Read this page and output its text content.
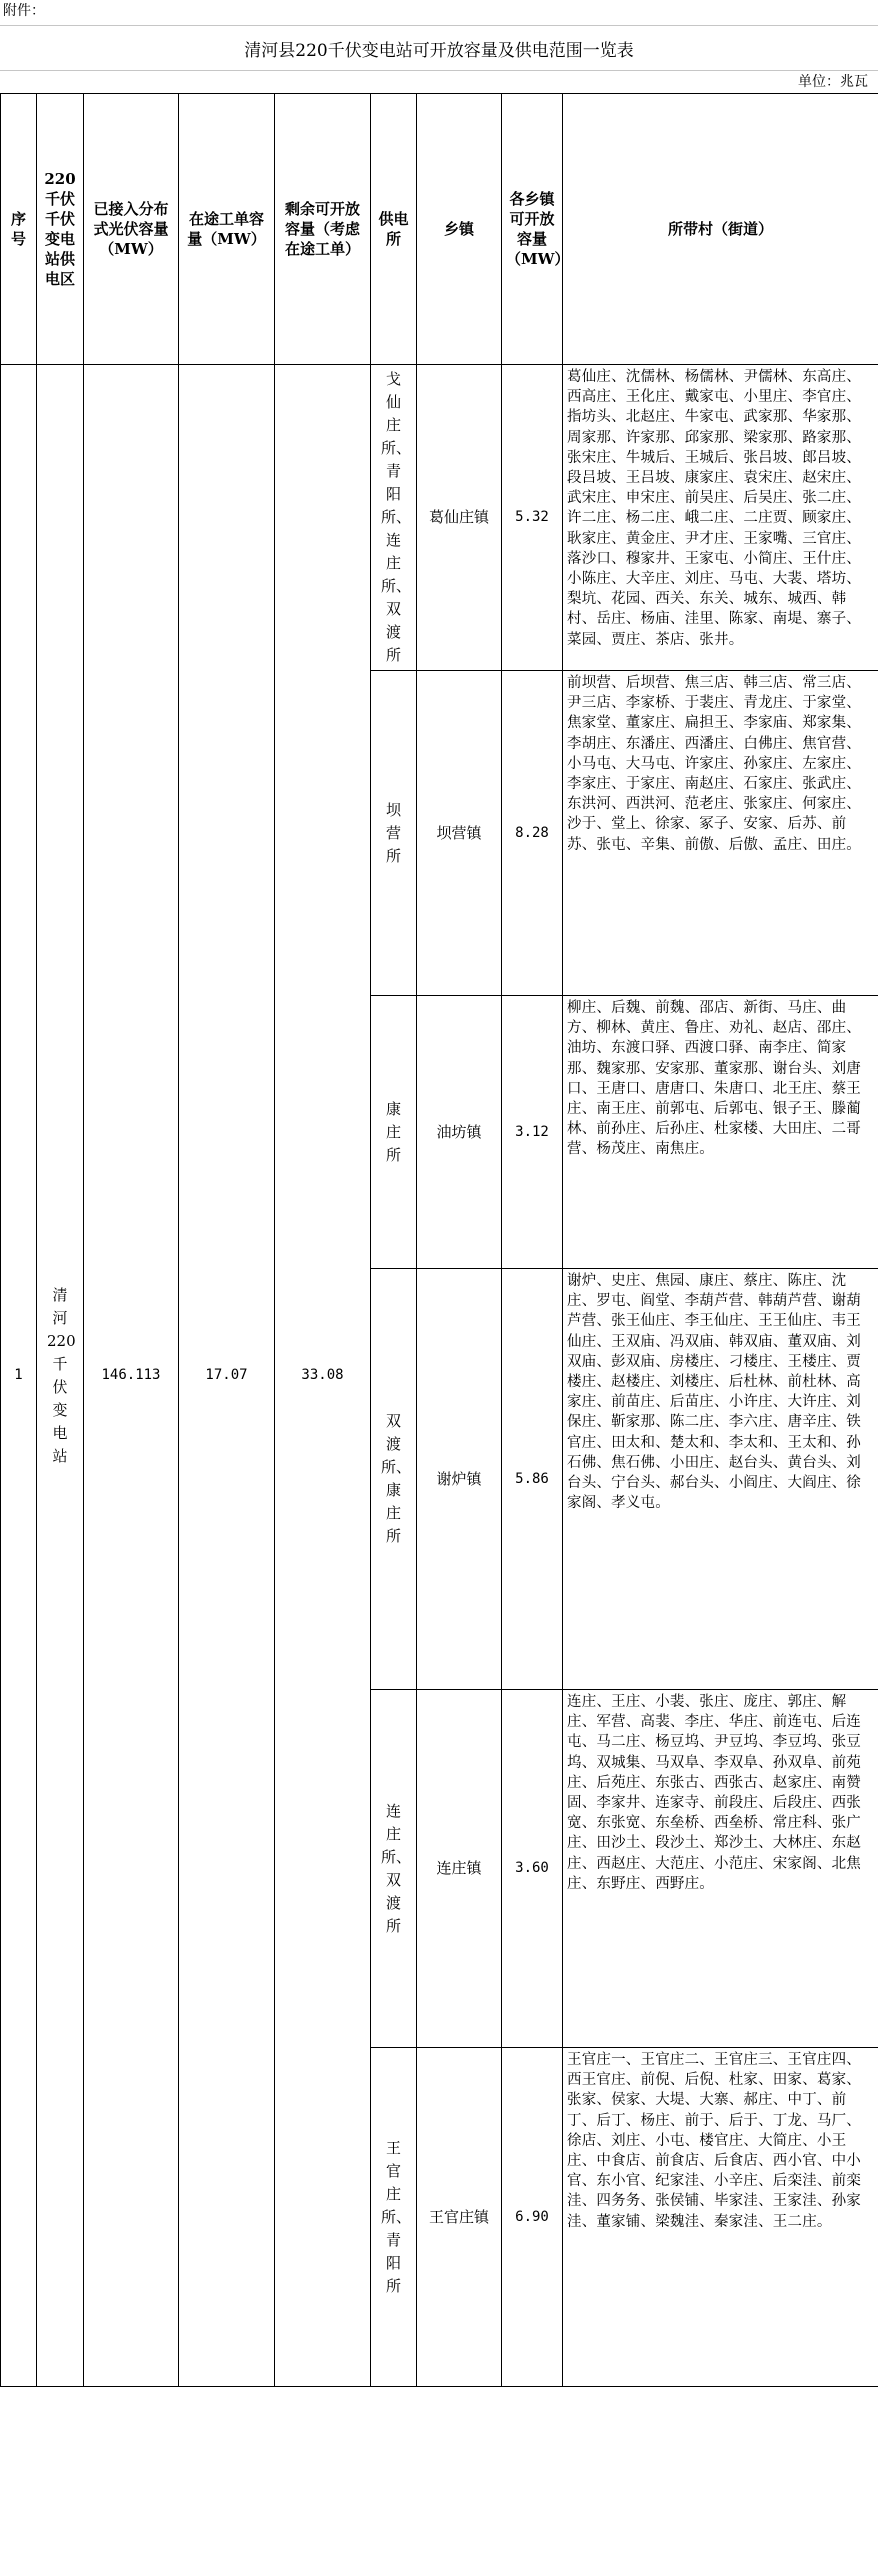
附件：
清河县220千伏变电站可开放容量及供电范围一览表
单位：兆瓦
序号	220千伏千伏变电站供电区	已接入分布式光伏容量（MW）	在途工单容量（MW）	剩余可开放容量（考虑在途工单）	供电所	乡镇	各乡镇可开放容量（MW）	所带村（街道）
1	清河220千伏变电站	146.113	17.07	33.08	戈仙庄所、青阳所、连庄所、双渡所	葛仙庄镇	5.32	葛仙庄、沈儒林、杨儒林、尹儒林、东高庄、西高庄、王化庄、戴家屯、小里庄、李官庄、指坊头、北赵庄、牛家屯、武家那、华家那、周家那、许家那、邱家那、梁家那、路家那、张宋庄、牛城后、王城后、张吕坡、郎吕坡、段吕坡、王吕坡、康家庄、袁宋庄、赵宋庄、武宋庄、申宋庄、前吴庄、后吴庄、张二庄、许二庄、杨二庄、峨二庄、二庄贾、顾家庄、耿家庄、黄金庄、尹才庄、王家嘴、三官庄、落沙口、穆家井、王家屯、小简庄、王什庄、小陈庄、大辛庄、刘庄、马屯、大裴、塔坊、梨坑、花园、西关、东关、城东、城西、韩村、岳庄、杨庙、洼里、陈家、南堤、寨子、菜园、贾庄、茶店、张井。
					坝营所	坝营镇	8.28	前坝营、后坝营、焦三店、韩三店、常三店、尹三店、李家桥、于裴庄、青龙庄、于家堂、焦家堂、董家庄、扁担王、李家庙、郑家集、李胡庄、东潘庄、西潘庄、白佛庄、焦官营、小马屯、大马屯、许家庄、孙家庄、左家庄、李家庄、于家庄、南赵庄、石家庄、张武庄、东洪河、西洪河、范老庄、张家庄、何家庄、沙于、堂上、徐家、冢子、安家、后苏、前苏、张屯、辛集、前傲、后傲、孟庄、田庄。
					康庄所	油坊镇	3.12	柳庄、后魏、前魏、邵店、新街、马庄、曲方、柳林、黄庄、鲁庄、劝礼、赵店、邵庄、油坊、东渡口驿、西渡口驿、南李庄、简家那、魏家那、安家那、董家那、谢台头、刘唐口、王唐口、唐唐口、朱唐口、北王庄、蔡王庄、南王庄、前郭屯、后郭屯、银子王、滕蔺林、前孙庄、后孙庄、杜家楼、大田庄、二哥营、杨茂庄、南焦庄。
					双渡所、康庄所	谢炉镇	5.86	谢炉、史庄、焦园、康庄、蔡庄、陈庄、沈庄、罗屯、阎堂、李葫芦营、韩葫芦营、谢葫芦营、张王仙庄、李王仙庄、王王仙庄、韦王仙庄、王双庙、冯双庙、韩双庙、董双庙、刘双庙、彭双庙、房楼庄、刁楼庄、王楼庄、贾楼庄、赵楼庄、刘楼庄、后杜林、前杜林、高家庄、前苗庄、后苗庄、小许庄、大许庄、刘保庄、靳家那、陈二庄、李六庄、唐辛庄、铁官庄、田太和、楚太和、李太和、王太和、孙石佛、焦石佛、小田庄、赵台头、黄台头、刘台头、宁台头、郝台头、小阎庄、大阎庄、徐家阁、孝义屯。
					连庄所、双渡所	连庄镇	3.60	连庄、王庄、小裴、张庄、庞庄、郭庄、解庄、军营、高裴、李庄、华庄、前连屯、后连屯、马二庄、杨豆坞、尹豆坞、李豆坞、张豆坞、双城集、马双阜、李双阜、孙双阜、前苑庄、后苑庄、东张古、西张古、赵家庄、南赞固、李家井、连家寺、前段庄、后段庄、西张宽、东张宽、东垒桥、西垒桥、常庄科、张广庄、田沙土、段沙土、郑沙土、大林庄、东赵庄、西赵庄、大范庄、小范庄、宋家阁、北焦庄、东野庄、西野庄。
					王官庄所、青阳所	王官庄镇	6.90	王官庄一、王官庄二、王官庄三、王官庄四、西王官庄、前倪、后倪、杜家、田家、葛家、张家、侯家、大堤、大寨、郝庄、中丁、前丁、后丁、杨庄、前于、后于、丁龙、马厂、徐店、刘庄、小屯、楼官庄、大简庄、小王庄、中食店、前食店、后食店、西小官、中小官、东小官、纪家洼、小辛庄、后栾洼、前栾洼、四务务、张侯铺、毕家洼、王家洼、孙家洼、董家铺、梁魏洼、秦家洼、王二庄。
